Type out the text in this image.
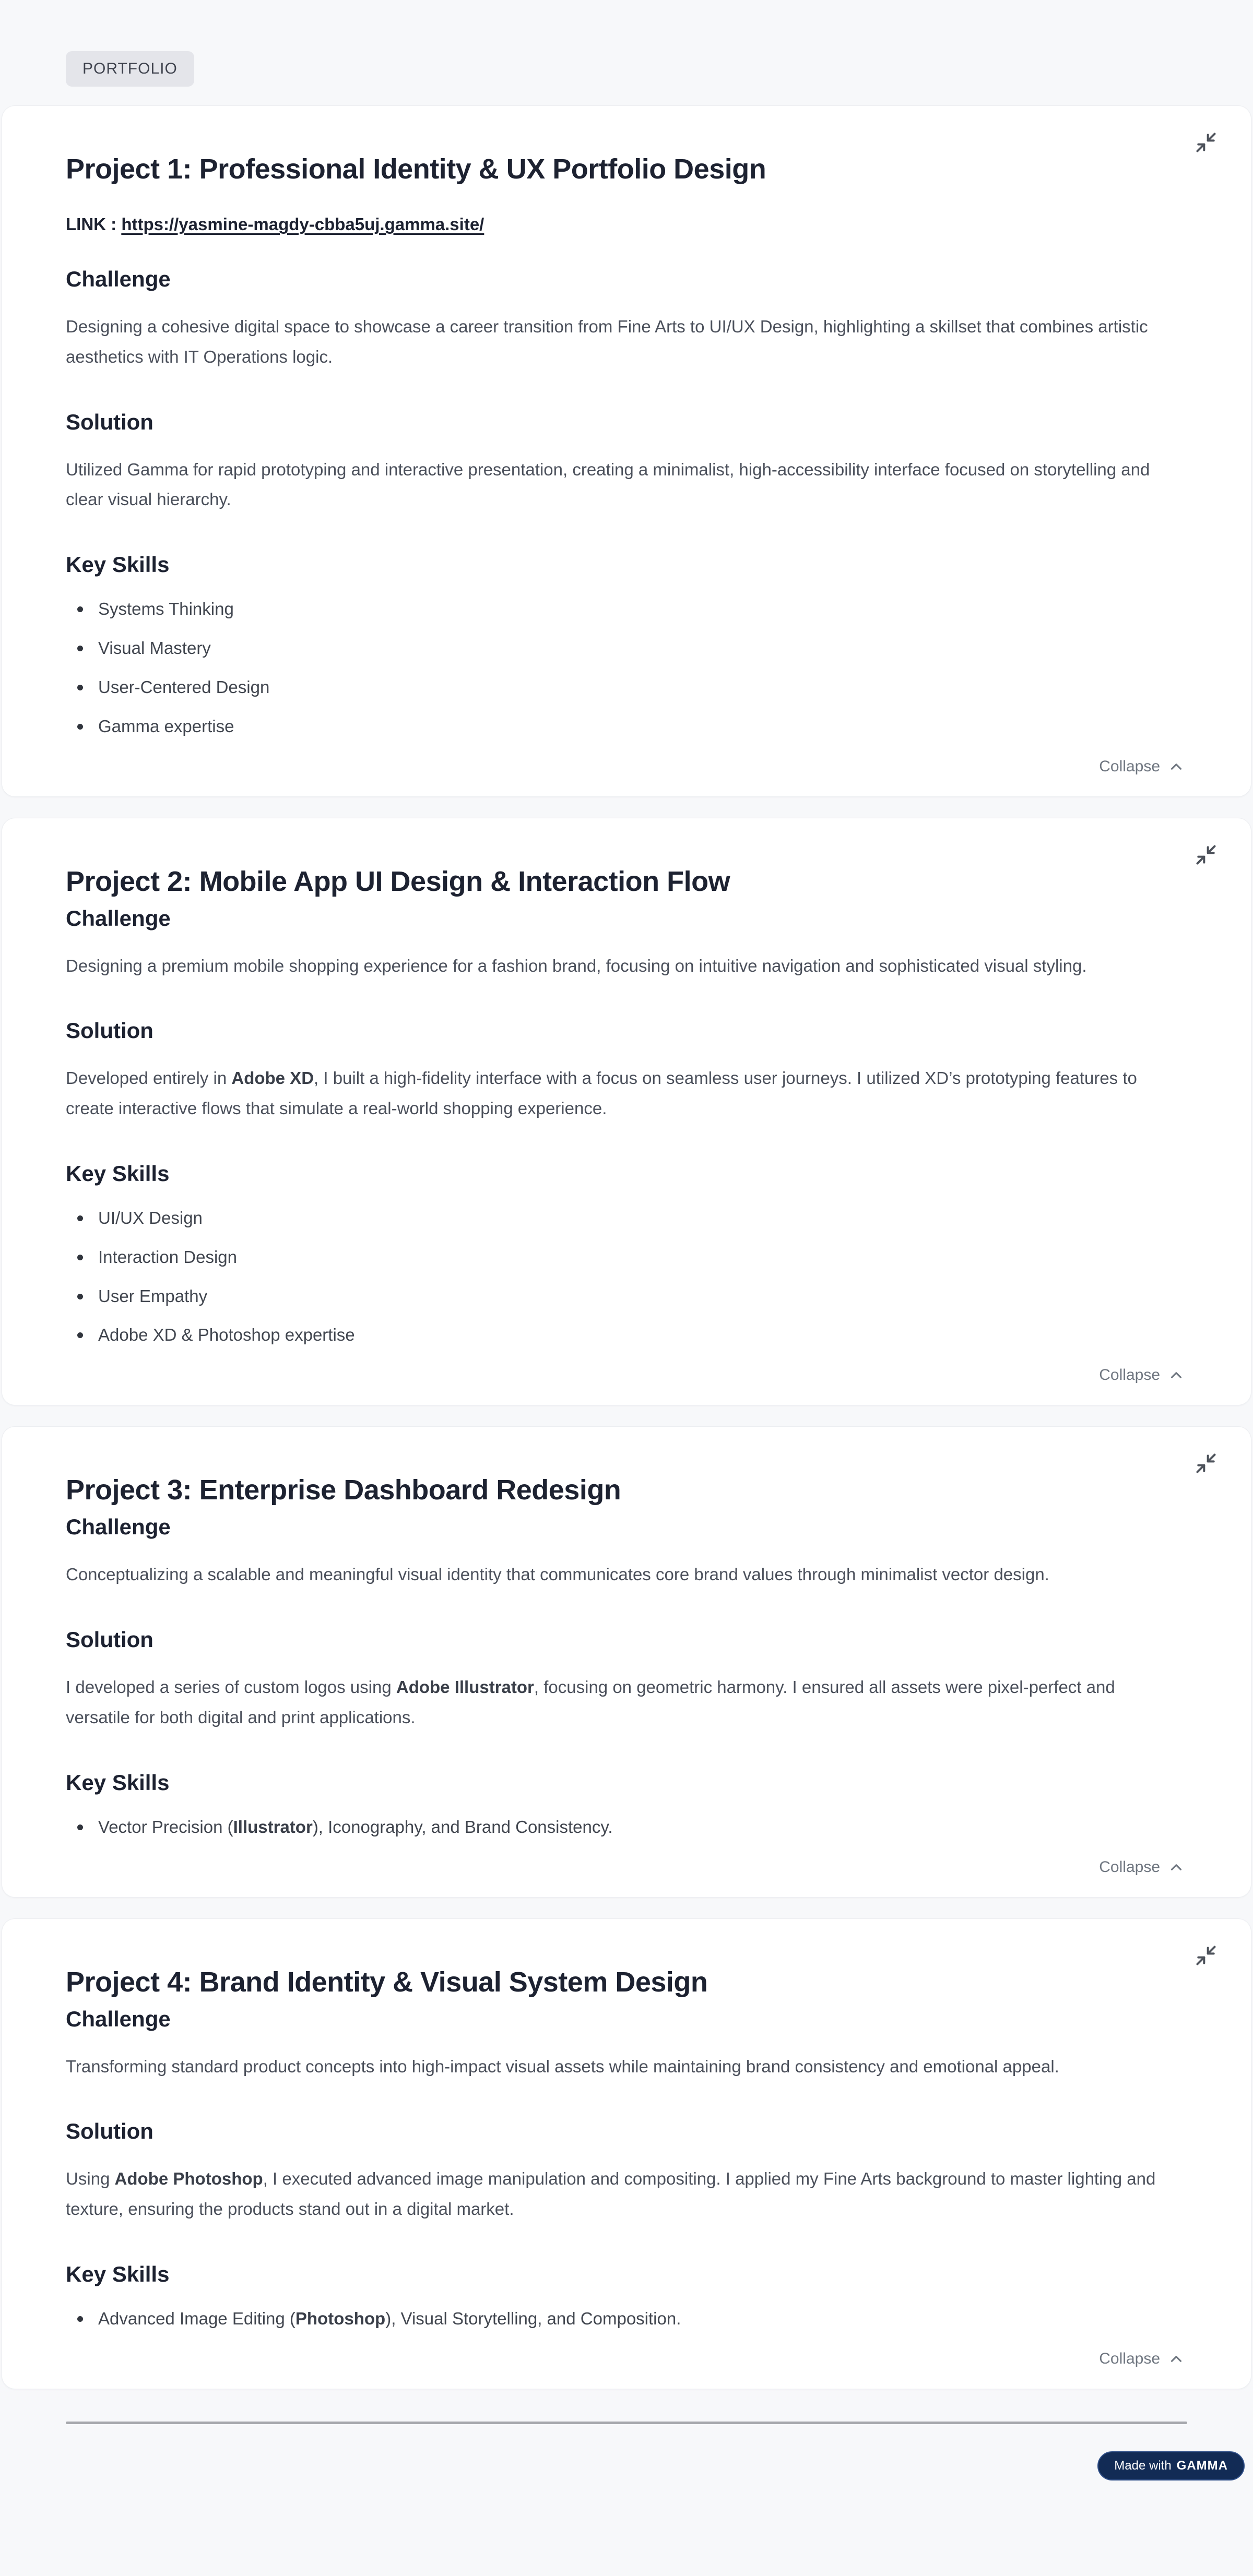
PORTFOLIO
Project 1: Professional Identity & UX Portfolio Design

LINK : https://yasmine-magdy-cbba5uj.gamma.site/

Challenge

Designing a cohesive digital space to showcase a career transition from Fine Arts to UI/UX Design, highlighting a skillset that combines artistic aesthetics with IT Operations logic.

Solution

Utilized Gamma for rapid prototyping and interactive presentation, creating a minimalist, high-accessibility interface focused on storytelling and clear visual hierarchy.

Key Skills
Systems Thinking
Visual Mastery
User-Centered Design
Gamma expertise
Collapse
Project 2: Mobile App UI Design & Interaction Flow
Challenge

Designing a premium mobile shopping experience for a fashion brand, focusing on intuitive navigation and sophisticated visual styling.

Solution

Developed entirely in Adobe XD, I built a high-fidelity interface with a focus on seamless user journeys. I utilized XD’s prototyping features to create interactive flows that simulate a real-world shopping experience.

Key Skills
UI/UX Design
Interaction Design
User Empathy
Adobe XD & Photoshop expertise
Collapse
Project 3: Enterprise Dashboard Redesign
Challenge

Conceptualizing a scalable and meaningful visual identity that communicates core brand values through minimalist vector design.

Solution

I developed a series of custom logos using Adobe Illustrator, focusing on geometric harmony. I ensured all assets were pixel-perfect and versatile for both digital and print applications.

Key Skills
Vector Precision (Illustrator), Iconography, and Brand Consistency.
Collapse
Project 4: Brand Identity & Visual System Design
Challenge

Transforming standard product concepts into high-impact visual assets while maintaining brand consistency and emotional appeal.

Solution

Using Adobe Photoshop, I executed advanced image manipulation and compositing. I applied my Fine Arts background to master lighting and texture, ensuring the products stand out in a digital market.

Key Skills
Advanced Image Editing (Photoshop), Visual Storytelling, and Composition.
Collapse
Made with GAMMA
